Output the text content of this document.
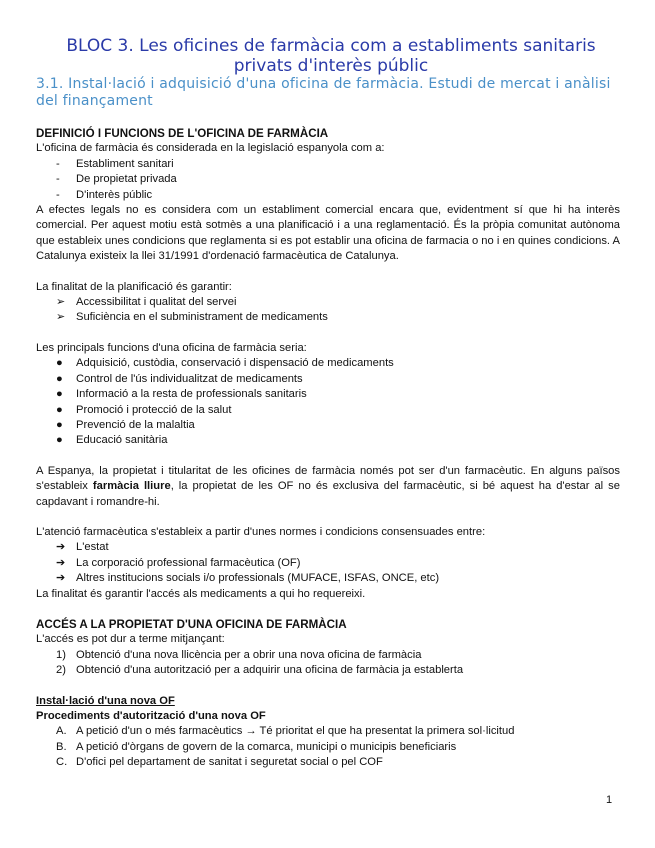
BLOC 3. Les oficines de farmàcia com a establiments sanitaris
privats d'interès públic
3.1. Instal·lació i adquisició d'una oficina de farmàcia. Estudi de mercat i anàlisi del finançament
DEFINICIÓ I FUNCIONS DE L'OFICINA DE FARMÀCIA
L'oficina de farmàcia és considerada en la legislació espanyola com a:
-	Establiment sanitari
-	De propietat privada
-	D'interès públic
A efectes legals no es considera com un establiment comercial encara que, evidentment sí que hi ha interès comercial. Per aquest motiu està sotmès a una planificació i a una reglamentació. És la pròpia comunitat autònoma que estableix unes condicions que reglamenta si es pot establir una oficina de farmacia o no i en quines condicions. A Catalunya existeix la llei 31/1991 d'ordenació farmacèutica de Catalunya.
La finalitat de la planificació és garantir:
➢ Accessibilitat i qualitat del servei
➢ Suficiència en el subministrament de medicaments
Les principals funcions d'una oficina de farmàcia seria:
●	Adquisició, custòdia, conservació i dispensació de medicaments
●	Control de l'ús individualitzat de medicaments
●	Informació a la resta de professionals sanitaris
●	Promoció i protecció de la salut
●	Prevenció de la malaltia
●	Educació sanitària
A Espanya, la propietat i titularitat de les oficines de farmàcia només pot ser d'un farmacèutic. En alguns països s'estableix farmàcia lliure, la propietat de les OF no és exclusiva del farmacèutic, si bé aquest ha d'estar al se capdavant i romandre-hi.
L'atenció farmacèutica s'estableix a partir d'unes normes i condicions consensuades entre:
➔ L'estat
➔ La corporació professional farmacèutica (OF)
➔ Altres institucions socials i/o professionals (MUFACE, ISFAS, ONCE, etc)
La finalitat és garantir l'accés als medicaments a qui ho requereixi.
ACCÉS A LA PROPIETAT D'UNA OFICINA DE FARMÀCIA
L'accés es pot dur a terme mitjançant:
1) Obtenció d'una nova llicència per a obrir una nova oficina de farmàcia
2) Obtenció d'una autorització per a adquirir una oficina de farmàcia ja establerta
Instal·lació d'una nova OF
Procediments d'autorització d'una nova OF
A. A petició d'un o més farmacèutics → Té prioritat el que ha presentat la primera sol·licitud
B. A petició d'òrgans de govern de la comarca, municipi o municipis beneficiaris
C. D'ofici pel departament de sanitat i seguretat social o pel COF
1
